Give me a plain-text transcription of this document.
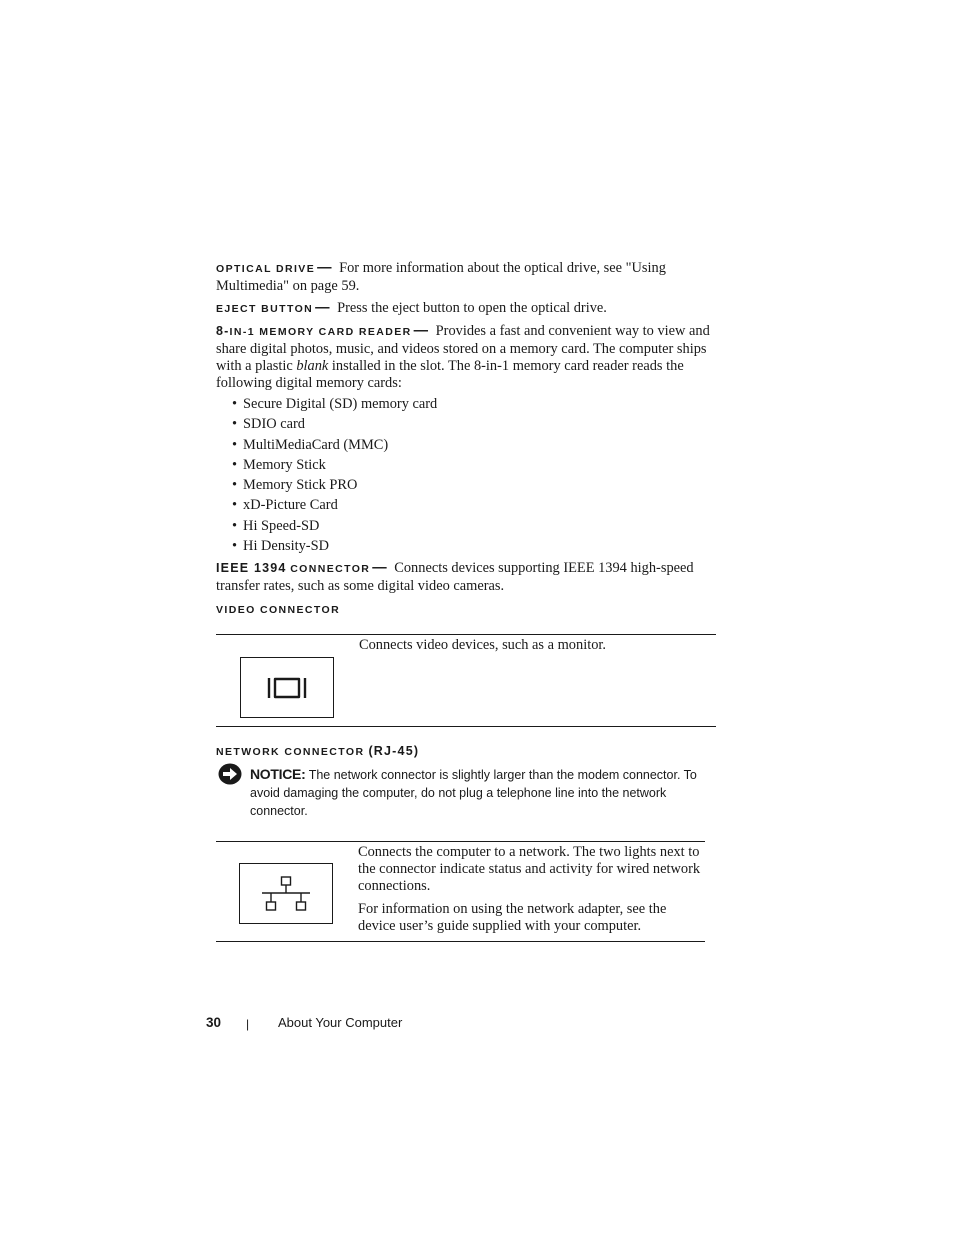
OPTICAL DRIVE — For more information about the optical drive, see "Using Multimedia" on page 59.

EJECT BUTTON — Press the eject button to open the optical drive.

8-IN-1 MEMORY CARD READER — Provides a fast and convenient way to view and share digital photos, music, and videos stored on a memory card. The computer ships with a plastic blank installed in the slot. The 8-in-1 memory card reader reads the following digital memory cards:

• Secure Digital (SD) memory card
• SDIO card
• MultiMediaCard (MMC)
• Memory Stick
• Memory Stick PRO
• xD-Picture Card
• Hi Speed-SD
• Hi Density-SD

IEEE 1394 CONNECTOR — Connects devices supporting IEEE 1394 high-speed transfer rates, such as some digital video cameras.

VIDEO CONNECTOR
Connects video devices, such as a monitor.
NETWORK CONNECTOR (RJ-45)
NOTICE: The network connector is slightly larger than the modem connector. To avoid damaging the computer, do not plug a telephone line into the network connector.
Connects the computer to a network. The two lights next to the connector indicate status and activity for wired network connections.
For information on using the network adapter, see the device user’s guide supplied with your computer.
30 | About Your Computer
